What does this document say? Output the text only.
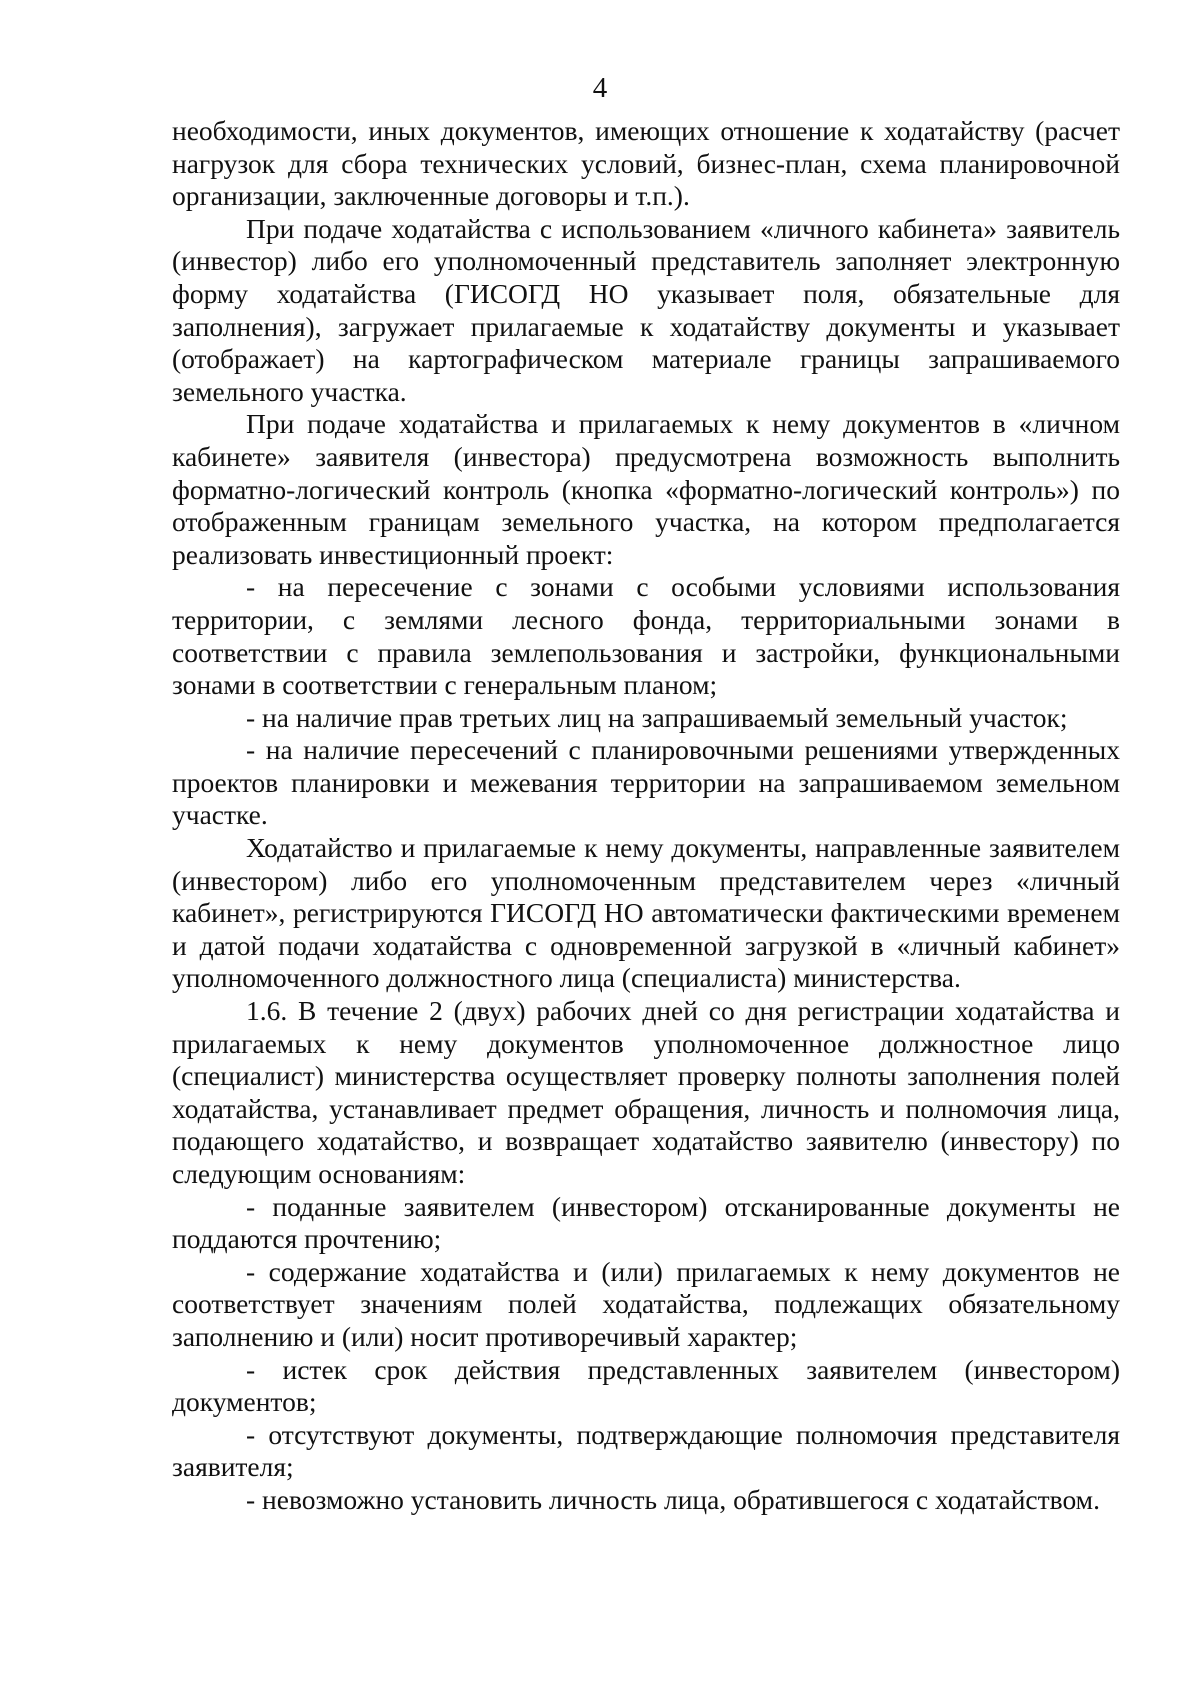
4

необходимости, иных документов, имеющих отношение к ходатайству (расчет нагрузок для сбора технических условий, бизнес-план, схема планировочной организации, заключенные договоры и т.п.).

При подаче ходатайства с использованием «личного кабинета» заявитель (инвестор) либо его уполномоченный представитель заполняет электронную форму ходатайства (ГИСОГД НО указывает поля, обязательные для заполнения), загружает прилагаемые к ходатайству документы и указывает (отображает) на картографическом материале границы запрашиваемого земельного участка.

При подаче ходатайства и прилагаемых к нему документов в «личном кабинете» заявителя (инвестора) предусмотрена возможность выполнить форматно-логический контроль (кнопка «форматно-логический контроль») по отображенным границам земельного участка, на котором предполагается реализовать инвестиционный проект:

- на пересечение с зонами с особыми условиями использования территории, с землями лесного фонда, территориальными зонами в соответствии с правила землепользования и застройки, функциональными зонами в соответствии с генеральным планом;

- на наличие прав третьих лиц на запрашиваемый земельный участок;

- на наличие пересечений с планировочными решениями утвержденных проектов планировки и межевания территории на запрашиваемом земельном участке.

Ходатайство и прилагаемые к нему документы, направленные заявителем (инвестором) либо его уполномоченным представителем через «личный кабинет», регистрируются ГИСОГД НО автоматически фактическими временем и датой подачи ходатайства с одновременной загрузкой в «личный кабинет» уполномоченного должностного лица (специалиста) министерства.

1.6. В течение 2 (двух) рабочих дней со дня регистрации ходатайства и прилагаемых к нему документов уполномоченное должностное лицо (специалист) министерства осуществляет проверку полноты заполнения полей ходатайства, устанавливает предмет обращения, личность и полномочия лица, подающего ходатайство, и возвращает ходатайство заявителю (инвестору) по следующим основаниям:

- поданные заявителем (инвестором) отсканированные документы не поддаются прочтению;

- содержание ходатайства и (или) прилагаемых к нему документов не соответствует значениям полей ходатайства, подлежащих обязательному заполнению и (или) носит противоречивый характер;

- истек срок действия представленных заявителем (инвестором) документов;

- отсутствуют документы, подтверждающие полномочия представителя заявителя;

- невозможно установить личность лица, обратившегося с ходатайством.
